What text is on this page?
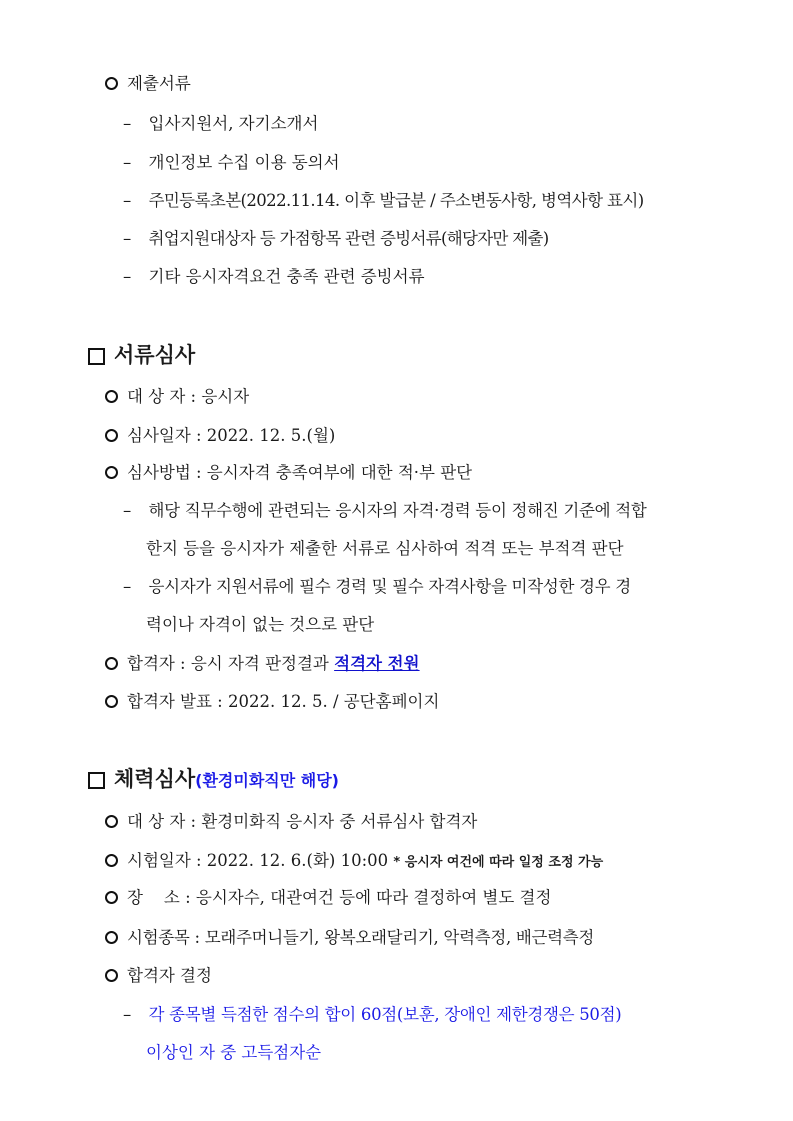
제출서류
– 입사지원서, 자기소개서
– 개인정보 수집 이용 동의서
– 주민등록초본(2022.11.14. 이후 발급분 / 주소변동사항, 병역사항 표시)
– 취업지원대상자 등 가점항목 관련 증빙서류(해당자만 제출)
– 기타 응시자격요건 충족 관련 증빙서류
서류심사
대 상 자 : 응시자
심사일자 : 2022. 12. 5.(월)
심사방법 : 응시자격 충족여부에 대한 적·부 판단
– 해당 직무수행에 관련되는 응시자의 자격·경력 등이 정해진 기준에 적합
한지 등을 응시자가 제출한 서류로 심사하여 적격 또는 부적격 판단
– 응시자가 지원서류에 필수 경력 및 필수 자격사항을 미작성한 경우 경
력이나 자격이 없는 것으로 판단
합격자 : 응시 자격 판정결과 적격자 전원
합격자 발표 : 2022. 12. 5. / 공단홈페이지
체력심사(환경미화직만 해당)
대 상 자 : 환경미화직 응시자 중 서류심사 합격자
시험일자 : 2022. 12. 6.(화) 10:00 * 응시자 여건에 따라 일정 조정 가능
장    소 : 응시자수, 대관여건 등에 따라 결정하여 별도 결정
시험종목 : 모래주머니들기, 왕복오래달리기, 악력측정, 배근력측정
합격자 결정
– 각 종목별 득점한 점수의 합이 60점(보훈, 장애인 제한경쟁은 50점)
이상인 자 중 고득점자순
